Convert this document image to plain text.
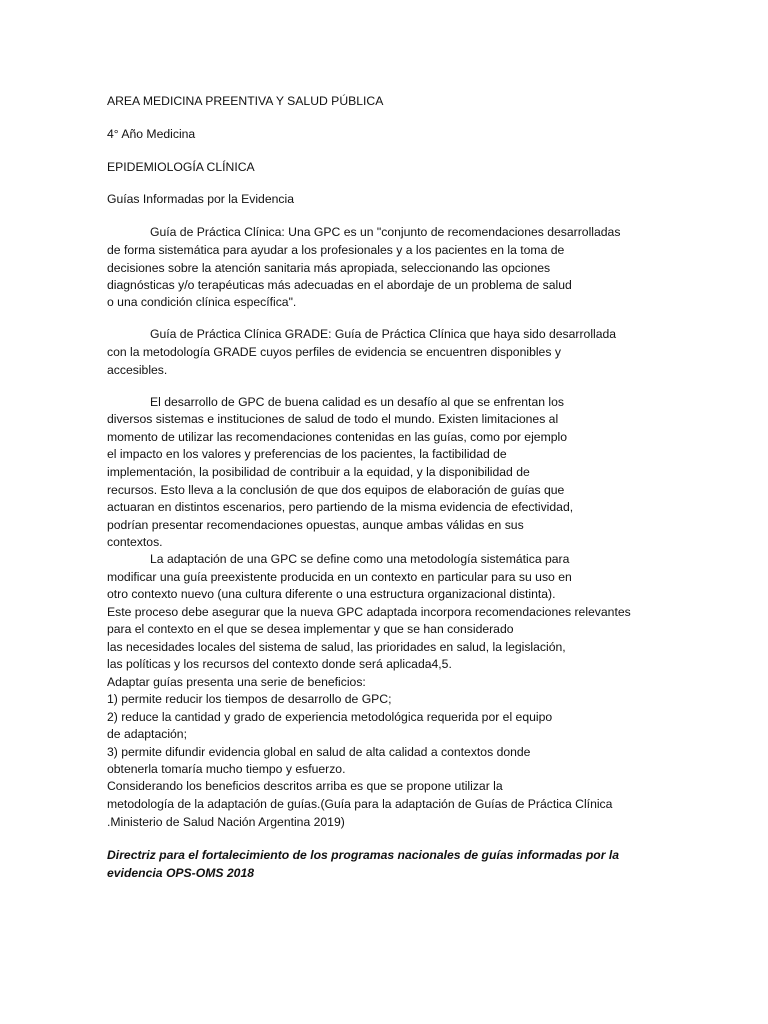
AREA MEDICINA PREENTIVA Y SALUD PÚBLICA
4° Año Medicina
EPIDEMIOLOGÍA CLÍNICA
Guías Informadas por la Evidencia
Guía de Práctica Clínica: Una GPC es un "conjunto de recomendaciones desarrolladas
de forma sistemática para ayudar a los profesionales y a los pacientes en la toma de
decisiones sobre la atención sanitaria más apropiada, seleccionando las opciones
diagnósticas y/o terapéuticas más adecuadas en el abordaje de un problema de salud
o una condición clínica específica".
Guía de Práctica Clínica GRADE: Guía de Práctica Clínica que haya sido desarrollada
con la metodología GRADE cuyos perfiles de evidencia se encuentren disponibles y
accesibles.
El desarrollo de GPC de buena calidad es un desafío al que se enfrentan los
diversos sistemas e instituciones de salud de todo el mundo. Existen limitaciones al
momento de utilizar las recomendaciones contenidas en las guías, como por ejemplo
el impacto en los valores y preferencias de los pacientes, la factibilidad de
implementación, la posibilidad de contribuir a la equidad, y la disponibilidad de
recursos. Esto lleva a la conclusión de que dos equipos de elaboración de guías que
actuaran en distintos escenarios, pero partiendo de la misma evidencia de efectividad,
podrían presentar recomendaciones opuestas, aunque ambas válidas en sus
contextos.
La adaptación de una GPC se define como una metodología sistemática para
modificar una guía preexistente producida en un contexto en particular para su uso en
otro contexto nuevo (una cultura diferente o una estructura organizacional distinta).
Este proceso debe asegurar que la nueva GPC adaptada incorpora recomendaciones relevantes
para el contexto en el que se desea implementar y que se han considerado
las necesidades locales del sistema de salud, las prioridades en salud, la legislación,
las políticas y los recursos del contexto donde será aplicada4,5.
Adaptar guías presenta una serie de beneficios:
1) permite reducir los tiempos de desarrollo de GPC;
2) reduce la cantidad y grado de experiencia metodológica requerida por el equipo
de adaptación;
3) permite difundir evidencia global en salud de alta calidad a contextos donde
obtenerla tomaría mucho tiempo y esfuerzo.
Considerando los beneficios descritos arriba es que se propone utilizar la
metodología de la adaptación de guías.(Guía para la adaptación de Guías de Práctica Clínica
.Ministerio de Salud Nación Argentina 2019)
Directriz para el fortalecimiento de los programas nacionales de guías informadas por la
evidencia OPS-OMS 2018
